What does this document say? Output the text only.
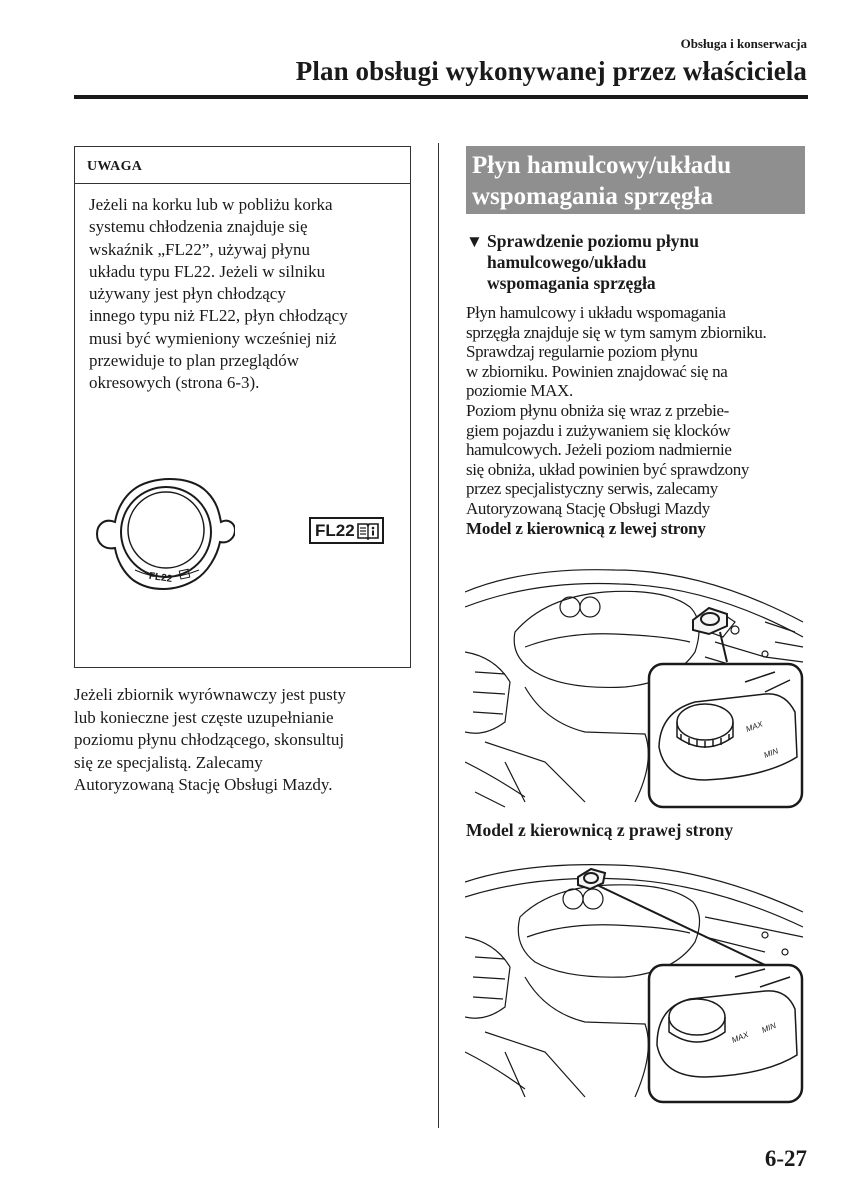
Obsługa i konserwacja
Plan obsługi wykonywanej przez właściciela
UWAGA
Jeżeli na korku lub w pobliżu korka
systemu chłodzenia znajduje się
wskaźnik „FL22”, używaj płynu
układu typu FL22. Jeżeli w silniku
używany jest płyn chłodzący
innego typu niż FL22, płyn chłodzący
musi być wymieniony wcześniej niż
przewiduje to plan przeglądów
okresowych (strona 6-3).
FL22
FL22
Jeżeli zbiornik wyrównawczy jest pusty
lub konieczne jest częste uzupełnianie
poziomu płynu chłodzącego, skonsultuj
się ze specjalistą. Zalecamy
Autoryzowaną Stację Obsługi Mazdy.
Płyn hamulcowy/układu
wspomagania sprzęgła
▼ Sprawdzenie poziomu płynu
hamulcowego/układu
wspomagania sprzęgła
Płyn hamulcowy i układu wspomagania
sprzęgła znajduje się w tym samym zbiorniku.
Sprawdzaj regularnie poziom płynu
w zbiorniku. Powinien znajdować się na
poziomie MAX.
Poziom płynu obniża się wraz z przebie-
giem pojazdu i zużywaniem się klocków
hamulcowych. Jeżeli poziom nadmiernie
się obniża, układ powinien być sprawdzony
przez specjalistyczny serwis, zalecamy
Autoryzowaną Stację Obsługi Mazdy
Model z kierownicą z lewej strony
MAX
MIN
Model z kierownicą z prawej strony
MAX
MIN
6-27
